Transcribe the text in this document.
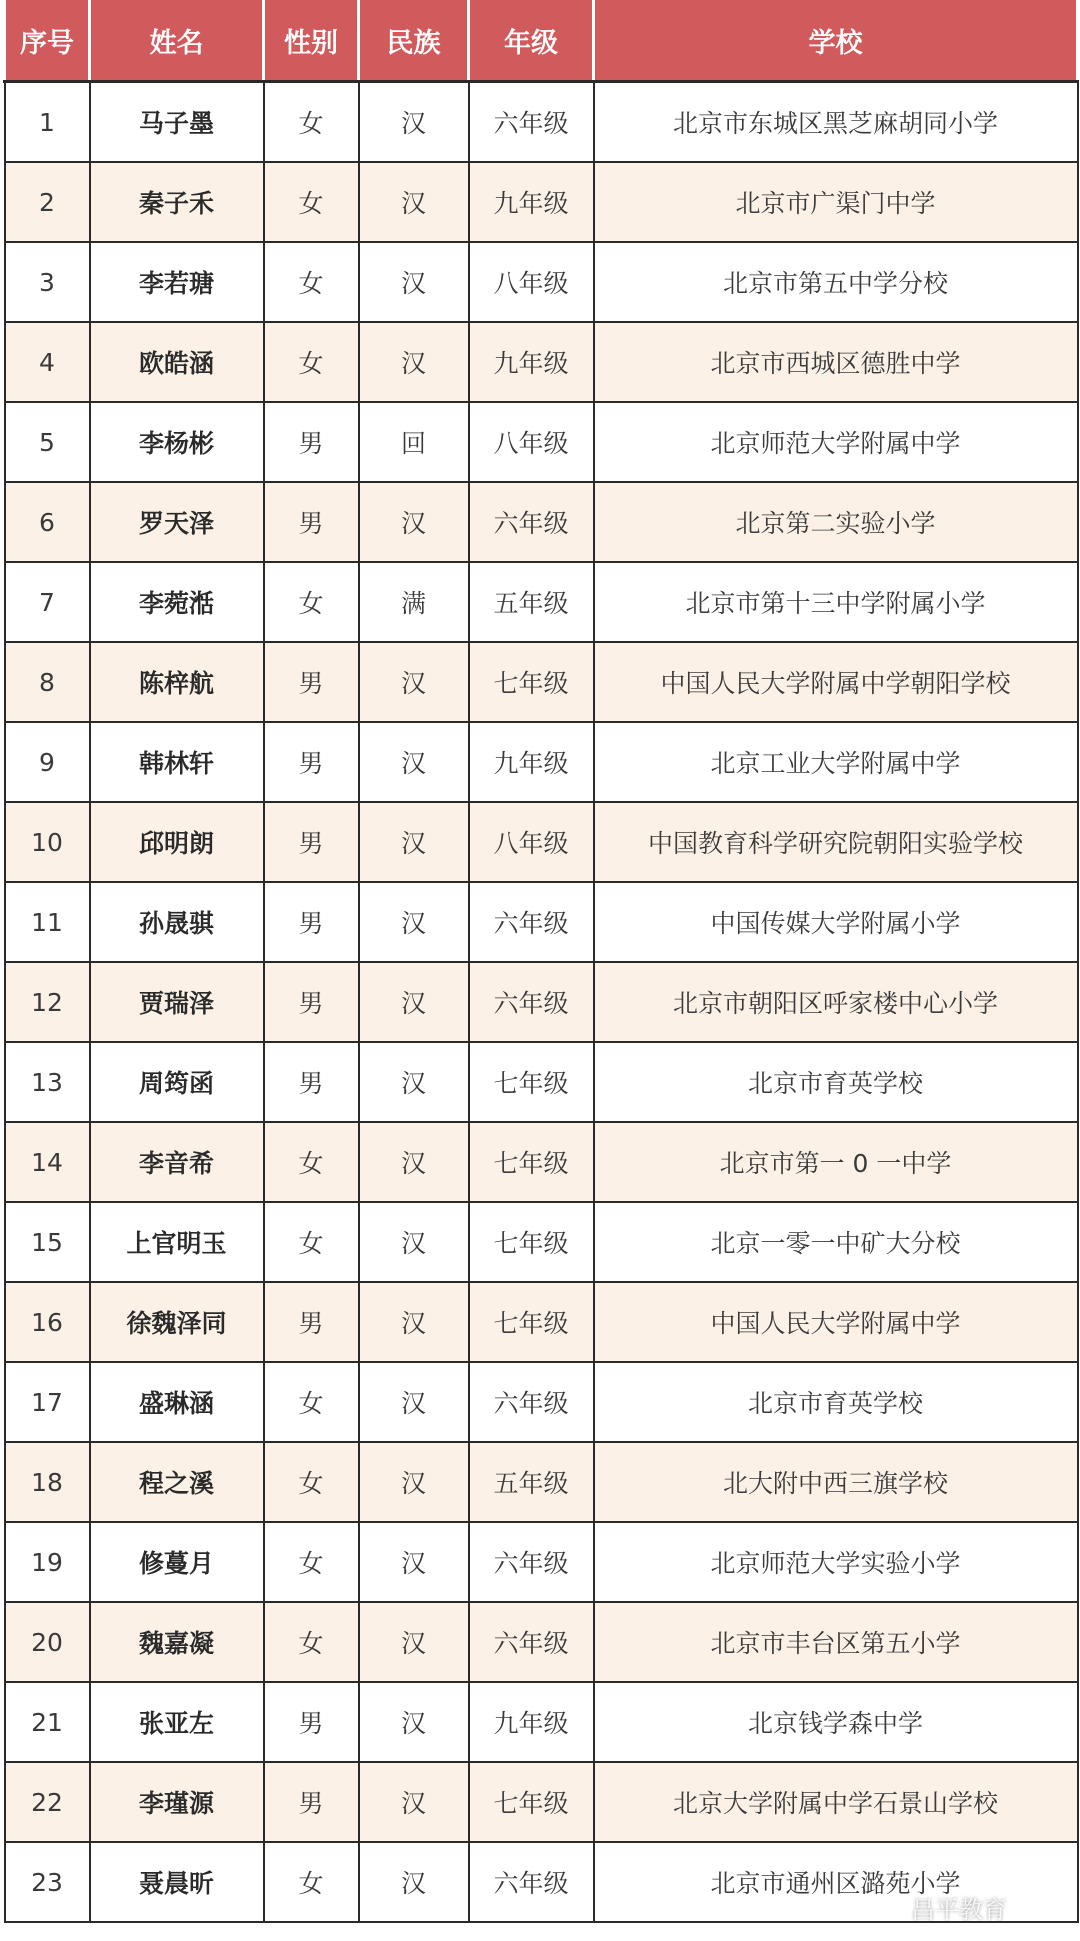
序号	姓名	性别	民族	年级	学校
1	马子墨	女	汉	六年级	北京市东城区黑芝麻胡同小学
2	秦子禾	女	汉	九年级	北京市广渠门中学
3	李若瑭	女	汉	八年级	北京市第五中学分校
4	欧皓涵	女	汉	九年级	北京市西城区德胜中学
5	李杨彬	男	回	八年级	北京师范大学附属中学
6	罗天泽	男	汉	六年级	北京第二实验小学
7	李菀湉	女	满	五年级	北京市第十三中学附属小学
8	陈梓航	男	汉	七年级	中国人民大学附属中学朝阳学校
9	韩林轩	男	汉	九年级	北京工业大学附属中学
10	邱明朗	男	汉	八年级	中国教育科学研究院朝阳实验学校
11	孙晟骐	男	汉	六年级	中国传媒大学附属小学
12	贾瑞泽	男	汉	六年级	北京市朝阳区呼家楼中心小学
13	周筠函	男	汉	七年级	北京市育英学校
14	李音希	女	汉	七年级	北京市第一 0 一中学
15	上官明玉	女	汉	七年级	北京一零一中矿大分校
16	徐魏泽同	男	汉	七年级	中国人民大学附属中学
17	盛琳涵	女	汉	六年级	北京市育英学校
18	程之溪	女	汉	五年级	北大附中西三旗学校
19	修蔓月	女	汉	六年级	北京师范大学实验小学
20	魏嘉凝	女	汉	六年级	北京市丰台区第五小学
21	张亚左	男	汉	九年级	北京钱学森中学
22	李瑾源	男	汉	七年级	北京大学附属中学石景山学校
23	聂晨昕	女	汉	六年级	北京市通州区潞苑小学
昌平教育
